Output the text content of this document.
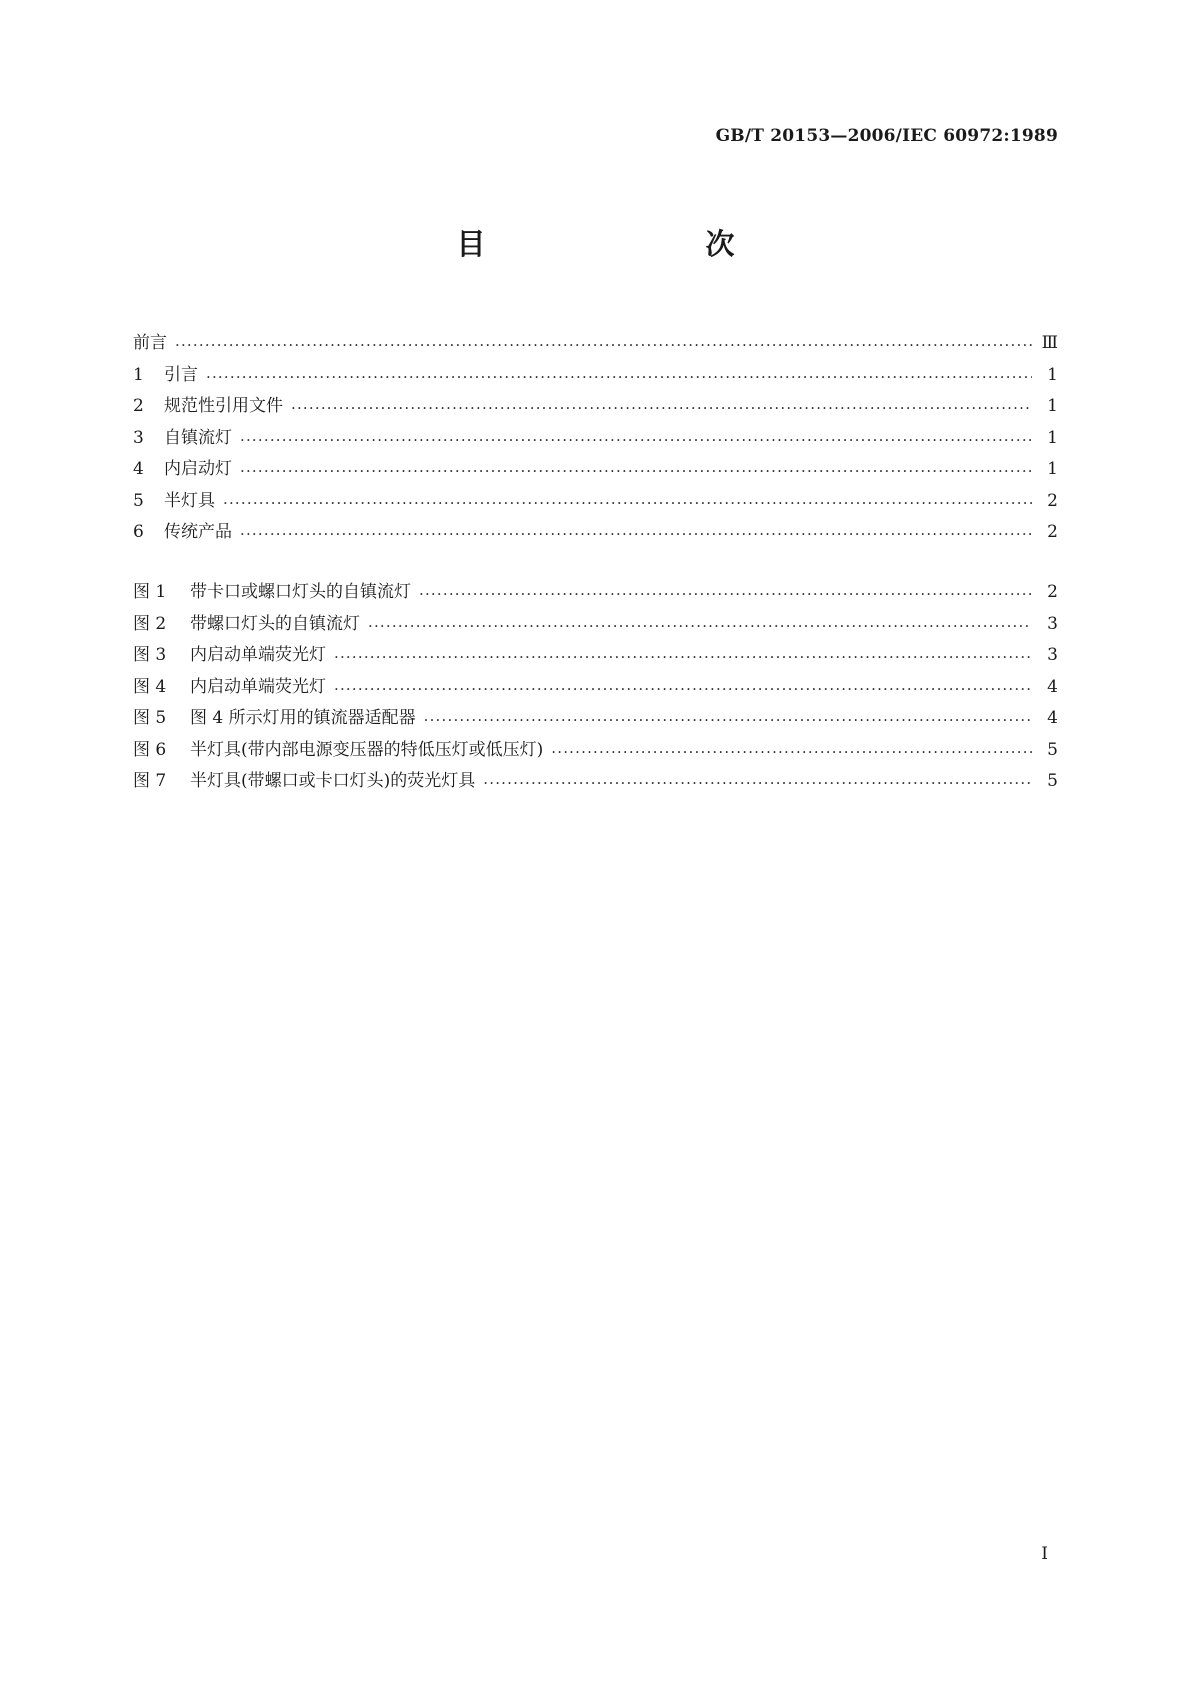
GB/T 20153—2006/IEC 60972:1989
目　　次
前言 ·····	Ⅲ
1	引言 ·····	1
2	规范性引用文件 ·····	1
3	自镇流灯 ·····	1
4	内启动灯 ·····	1
5	半灯具 ·····	2
6	传统产品 ·····	2
图 1	带卡口或螺口灯头的自镇流灯 ·····	2
图 2	带螺口灯头的自镇流灯 ·····	3
图 3	内启动单端荧光灯 ·····	3
图 4	内启动单端荧光灯 ·····	4
图 5	图 4 所示灯用的镇流器适配器 ·····	4
图 6	半灯具(带内部电源变压器的特低压灯或低压灯) ·····	5
图 7	半灯具(带螺口或卡口灯头)的荧光灯具 ·····	5
Ⅰ
